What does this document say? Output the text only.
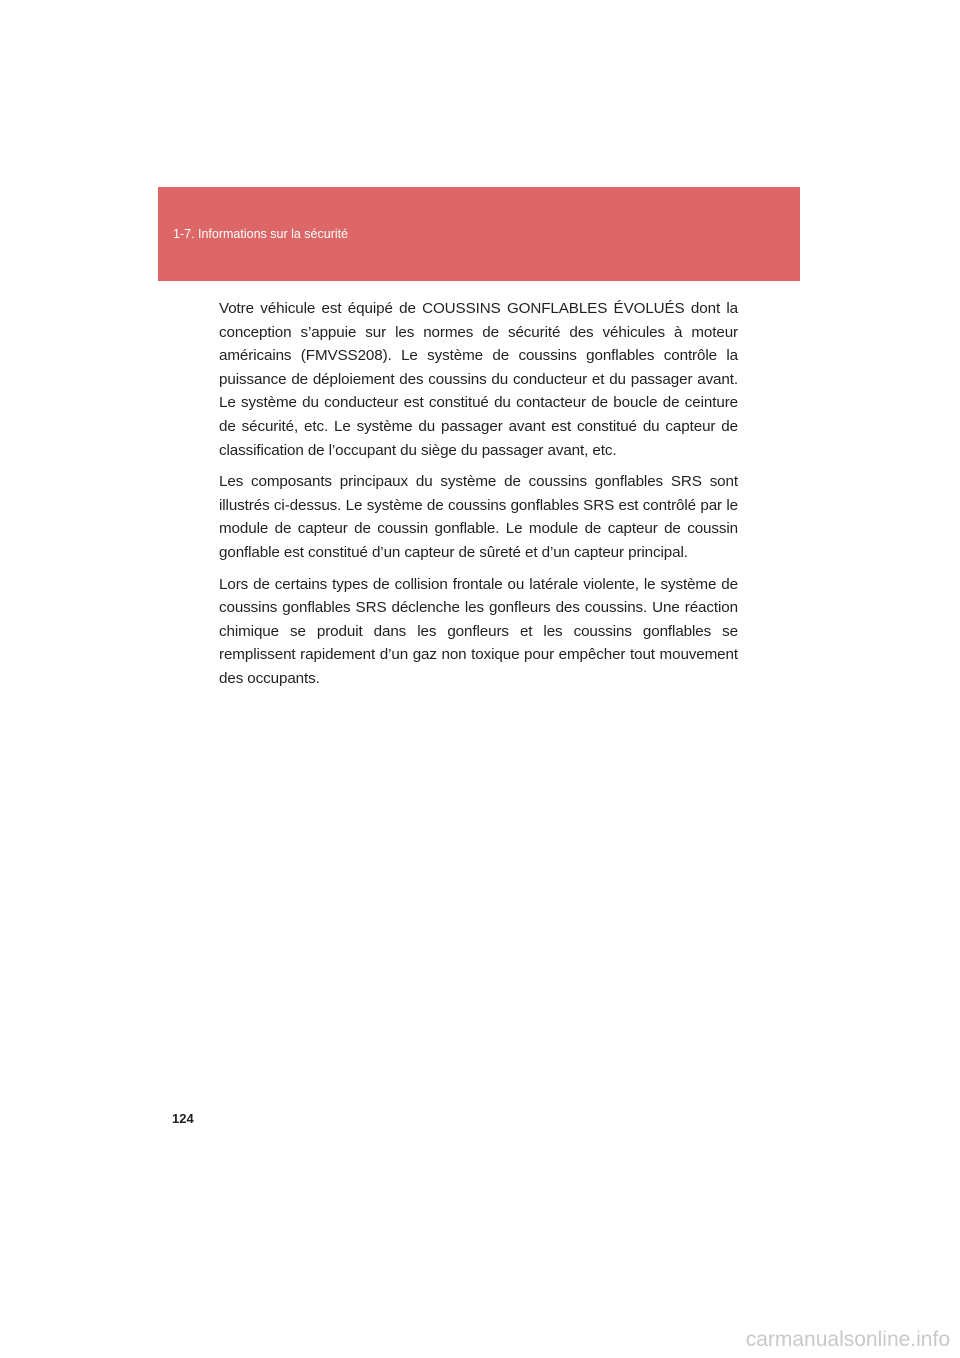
1-7. Informations sur la sécurité

Votre véhicule est équipé de COUSSINS GONFLABLES ÉVOLUÉS dont la conception s’appuie sur les normes de sécurité des véhicules à moteur américains (FMVSS208). Le système de coussins gonflables contrôle la puissance de déploiement des coussins du conducteur et du passager avant. Le système du conducteur est constitué du contacteur de boucle de ceinture de sécurité, etc. Le système du passager avant est constitué du capteur de classification de l’occupant du siège du passager avant, etc.

Les composants principaux du système de coussins gonflables SRS sont illustrés ci-dessus. Le système de coussins gonflables SRS est contrôlé par le module de capteur de coussin gonflable. Le module de capteur de coussin gonflable est constitué d’un capteur de sûreté et d’un capteur principal.

Lors de certains types de collision frontale ou latérale violente, le système de coussins gonflables SRS déclenche les gonfleurs des coussins. Une réaction chimique se produit dans les gonfleurs et les coussins gonflables se remplissent rapidement d’un gaz non toxique pour empêcher tout mouvement des occupants.

124
carmanualsonline.info
